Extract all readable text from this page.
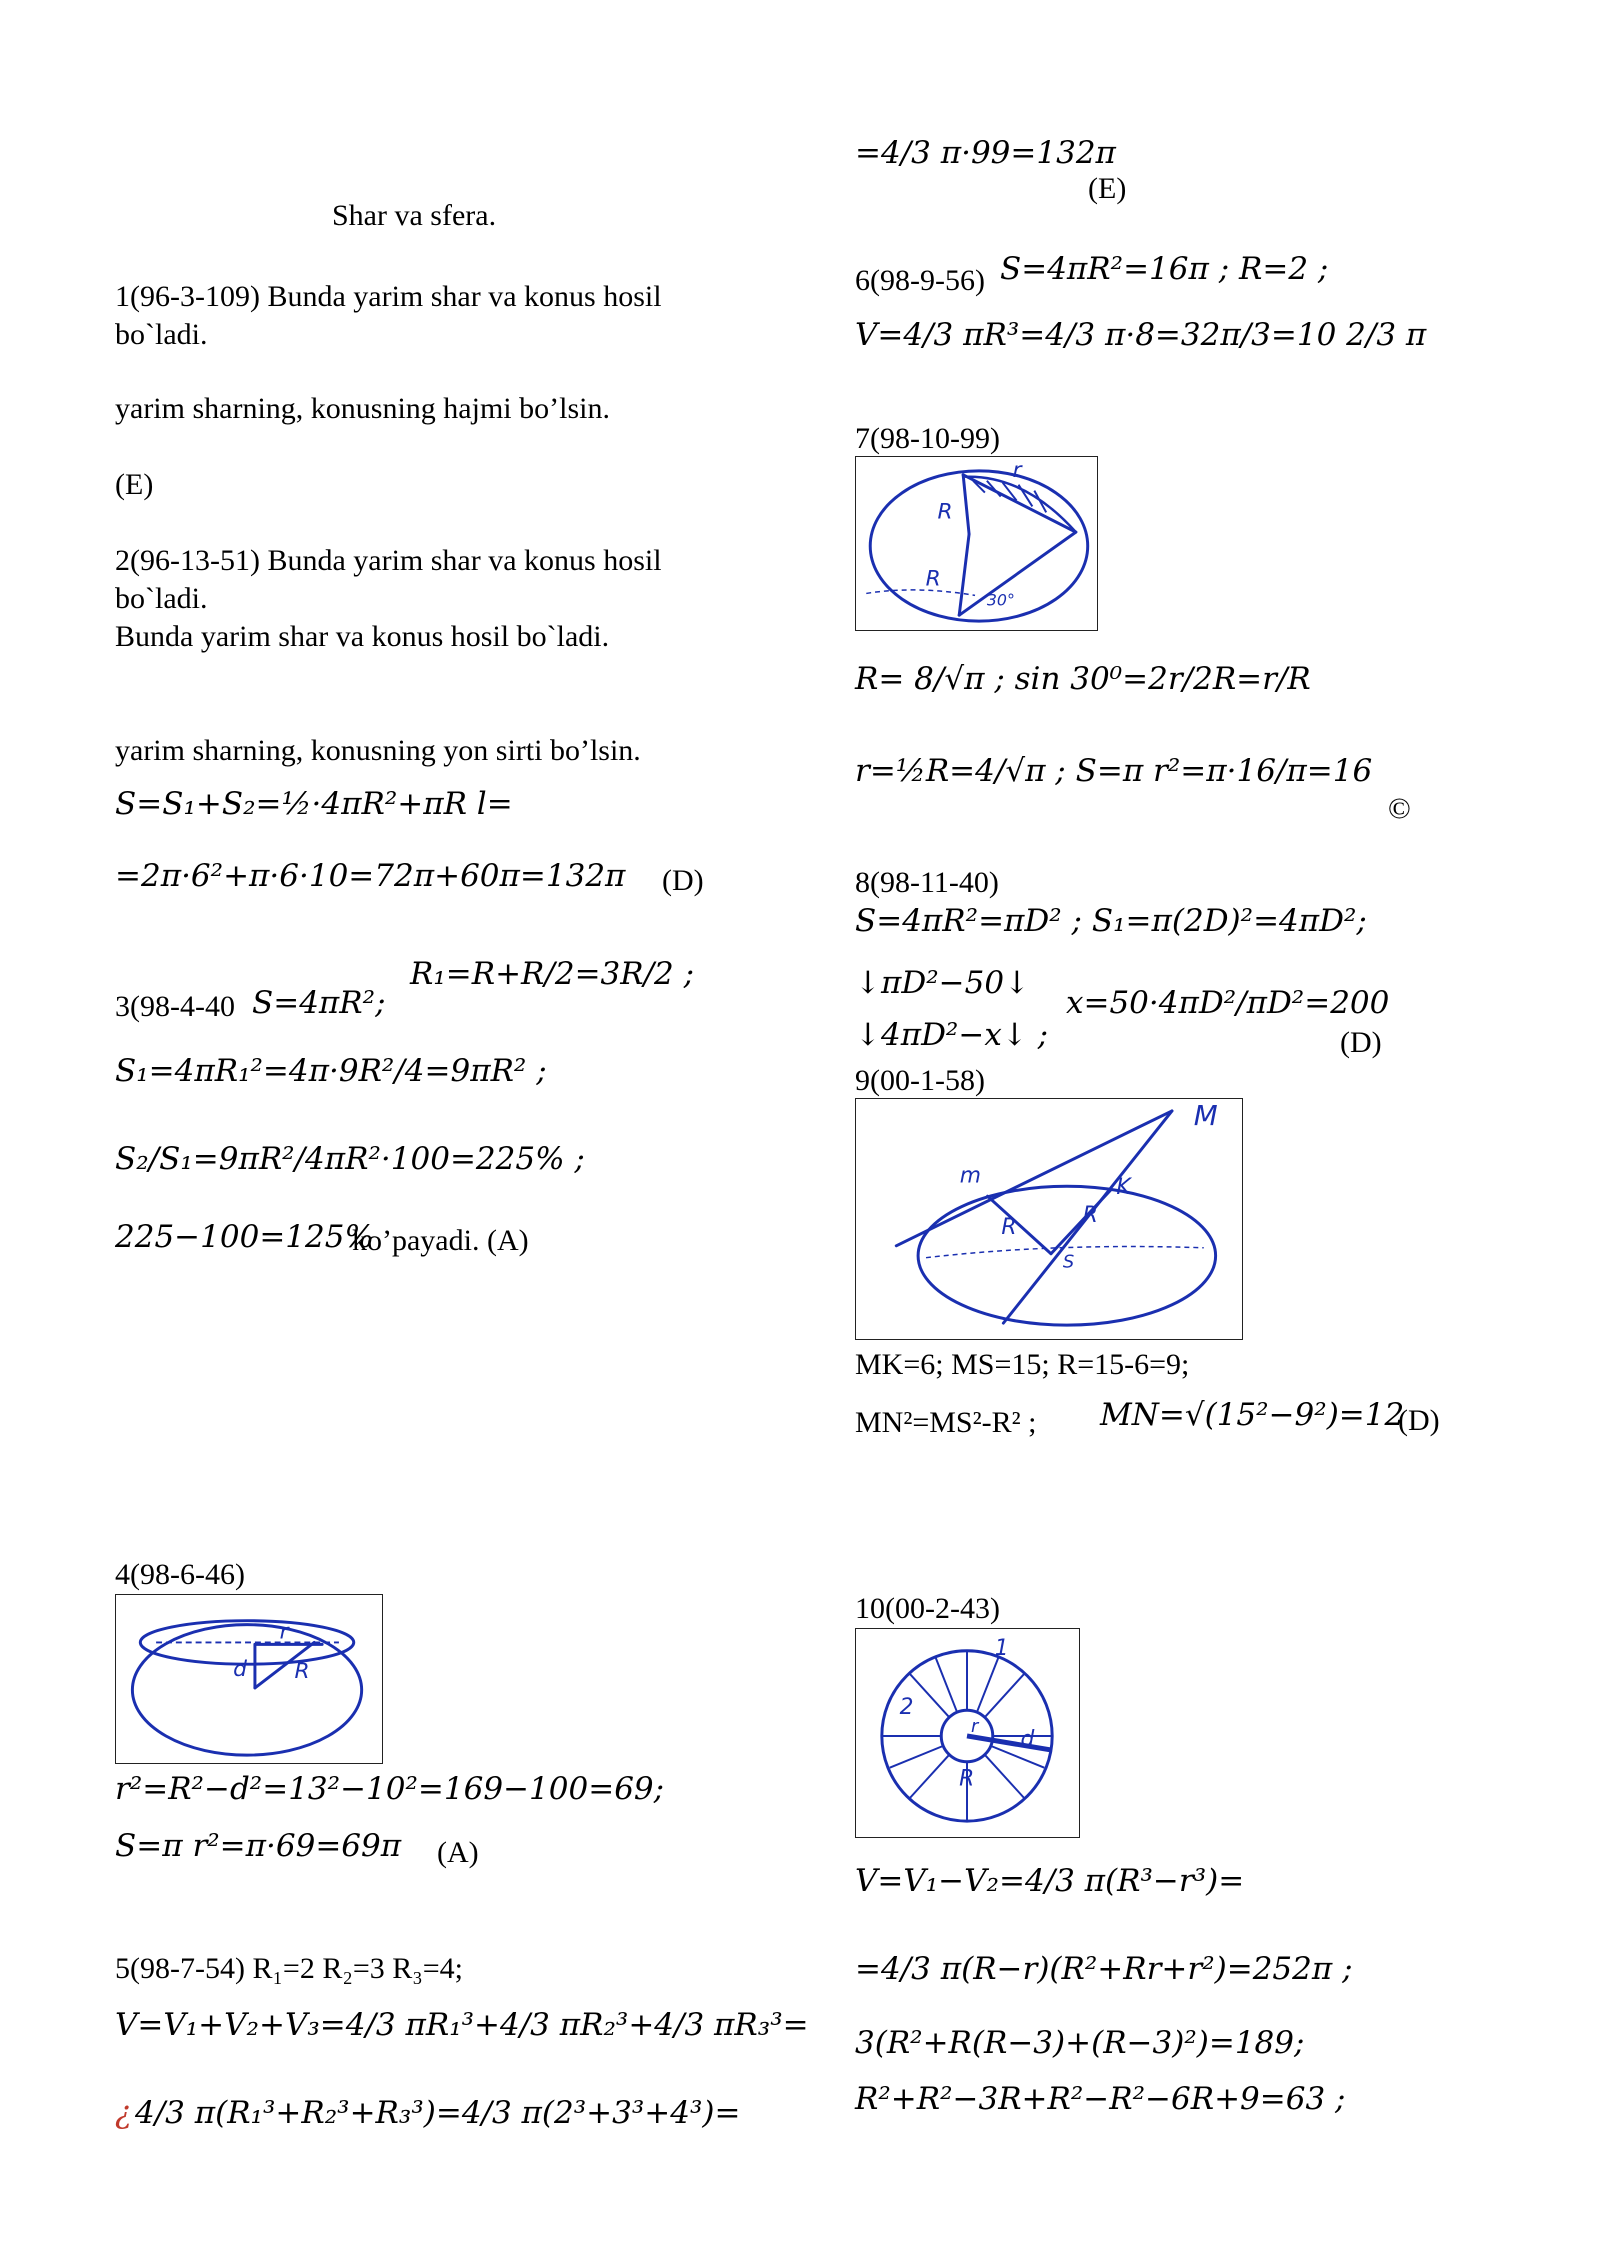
Shar va sfera.
1(96-3-109) Bunda yarim shar va konus hosil
bo`ladi.
yarim sharning, konusning hajmi bo’lsin.
(E)
2(96-13-51) Bunda yarim shar va konus hosil
bo`ladi.
Bunda yarim shar va konus hosil bo`ladi.
yarim sharning, konusning yon sirti bo’lsin.
S=S₁+S₂=½·4πR²+πR l=
=2π·6²+π·6·10=72π+60π=132π (D)
3(98-4-40 S=4πR²;
R₁=R+R/2=3R/2 ;
S₁=4πR₁²=4π·9R²/4=9πR² ;
S₂/S₁=9πR²/4πR²·100=225% ;
225−100=125%
ko’payadi. (A)
4(98-6-46)
r
d R
r²=R²−d²=13²−10²=169−100=69;
S=π r²=π·69=69π (A)
5(98-7-54) R₁=2 R₂=3 R₃=4;
V=V₁+V₂+V₃=4/3 πR₁³+4/3 πR₂³+4/3 πR₃³=
¿ 4/3 π(R₁³+R₂³+R₃³)=4/3 π(2³+3³+4³)=
=4/3 π·99=132π
(E)
6(98-9-56) S=4πR²=16π ; R=2 ;
V=4/3 πR³=4/3 π·8=32π/3=10 2/3 π
7(98-10-99)
R
R
30°
r
R= 8/√π ; sin 30⁰=2r/2R=r/R
r=½R=4/√π ; S=π r²=π·16/π=16
©
8(98-11-40)
S=4πR²=πD² ; S₁=π(2D)²=4πD²;
↓πD²−50↓
↓4πD²−x↓ ;
x=50·4πD²/πD²=200
(D)
9(00-1-58)
M
m	K
R	R
S
MK=6; MS=15; R=15-6=9;
MN²=MS²-R² ; MN=√(15²−9²)=12
(D)
10(00-2-43)
1
2
r
d
R
V=V₁−V₂=4/3 π(R³−r³)=
=4/3 π(R−r)(R²+Rr+r²)=252π ;
3(R²+R(R−3)+(R−3)²)=189;
R²+R²−3R+R²−R²−6R+9=63 ;
